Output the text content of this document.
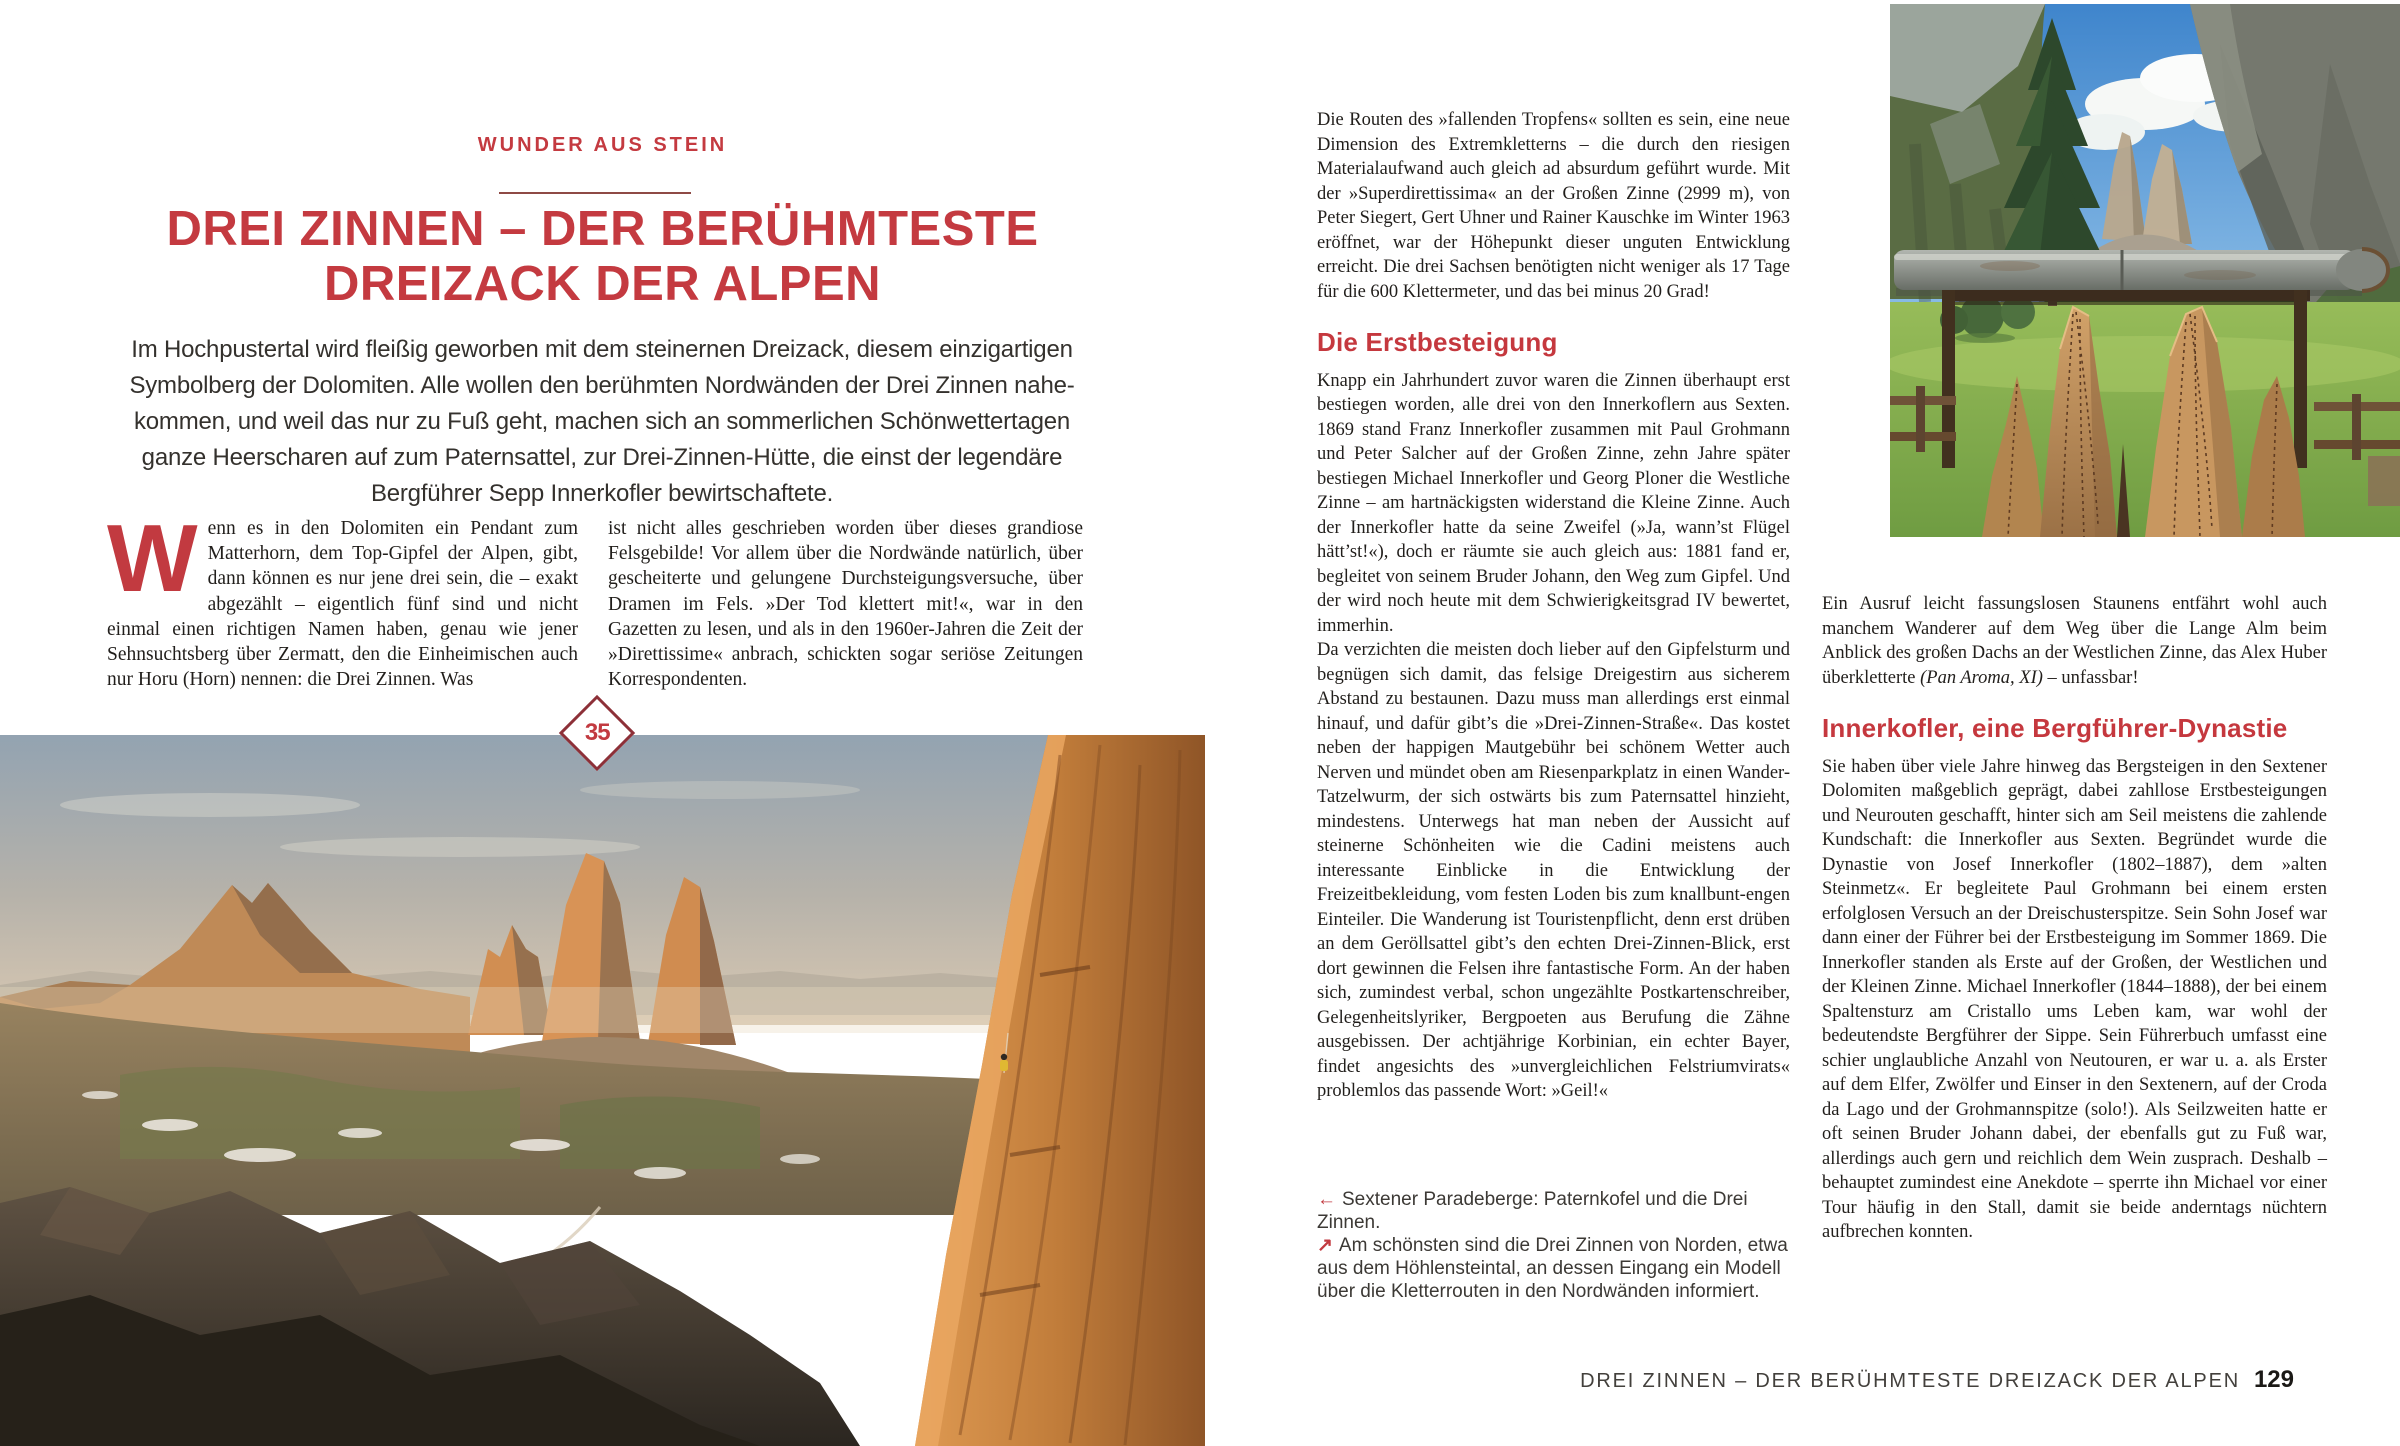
WUNDER AUS STEIN
DREI ZINNEN – DER BERÜHMTESTE
DREIZACK DER ALPEN

Im Hochpustertal wird fleißig geworben mit dem steinernen Dreizack, diesem einzigartigen
Symbolberg der Dolomiten. Alle wollen den berühmten Nordwänden der Drei Zinnen nahe-
kommen, und weil das nur zu Fuß geht, machen sich an sommerlichen Schönwettertagen
ganze Heerscharen auf zum Paternsattel, zur Drei-Zinnen-Hütte, die einst der legendäre
Bergführer Sepp Innerkofler bewirtschaftete.

Wenn es in den Dolomiten ein Pendant zum Matterhorn, dem Top-Gipfel der Alpen, gibt, dann können es nur jene drei sein, die – exakt abgezählt – eigentlich fünf sind und nicht einmal einen richtigen Namen haben, genau wie jener Sehnsuchtsberg über Zermatt, den die Einheimischen auch nur Horu (Horn) nennen: die Drei Zinnen. Was

ist nicht alles geschrieben worden über dieses grandiose Felsgebilde! Vor allem über die Nordwände natürlich, über gescheiterte und gelungene Durchsteigungsversuche, über Dramen im Fels. »Der Tod klettert mit!«, war in den Gazetten zu lesen, und als in den 1960er-Jahren die Zeit der »Direttissime« anbrach, schickten sogar seriöse Zeitungen Korrespondenten.

35

Die Routen des »fallenden Tropfens« sollten es sein, eine neue Dimension des Extremkletterns – die durch den riesigen Materialaufwand auch gleich ad absurdum geführt wurde. Mit der »Superdirettissima« an der Großen Zinne (2999 m), von Peter Siegert, Gert Uhner und Rainer Kauschke im Winter 1963 eröffnet, war der Höhepunkt dieser unguten Entwicklung erreicht. Die drei Sachsen benötigten nicht weniger als 17 Tage für die 600 Klettermeter, und das bei minus 20 Grad!

Die Erstbesteigung

Knapp ein Jahrhundert zuvor waren die Zinnen überhaupt erst bestiegen worden, alle drei von den Innerkoflern aus Sexten. 1869 stand Franz Innerkofler zusammen mit Paul Grohmann und Peter Salcher auf der Großen Zinne, zehn Jahre später bestiegen Michael Innerkofler und Georg Ploner die Westliche Zinne – am hartnäckigsten widerstand die Kleine Zinne. Auch der Innerkofler hatte da seine Zweifel (»Ja, wann’st Flügel hätt’st!«), doch er räumte sie auch gleich aus: 1881 fand er, begleitet von seinem Bruder Johann, den Weg zum Gipfel. Und der wird noch heute mit dem Schwierigkeitsgrad IV bewertet, immerhin.

Da verzichten die meisten doch lieber auf den Gipfelsturm und begnügen sich damit, das felsige Dreigestirn aus sicherem Abstand zu bestaunen. Dazu muss man allerdings erst einmal hinauf, und dafür gibt’s die »Drei-Zinnen-Straße«. Das kostet neben der happigen Mautgebühr bei schönem Wetter auch Nerven und mündet oben am Riesenparkplatz in einen Wander-Tatzelwurm, der sich ostwärts bis zum Paternsattel hinzieht, mindestens. Unterwegs hat man neben der Aussicht auf steinerne Schönheiten wie die Cadini meistens auch interessante Einblicke in die Entwicklung der Freizeitbekleidung, vom festen Loden bis zum knallbunt-engen Einteiler. Die Wanderung ist Touristenpflicht, denn erst drüben an dem Geröllsattel gibt’s den echten Drei-Zinnen-Blick, erst dort gewinnen die Felsen ihre fantastische Form. An der haben sich, zumindest verbal, schon ungezählte Postkartenschreiber, Gelegenheitslyriker, Bergpoeten aus Berufung die Zähne ausgebissen. Der achtjährige Korbinian, ein echter Bayer, findet angesichts des »unvergleichlichen Felstriumvirats« problemlos das passende Wort: »Geil!«

← Sextener Paradeberge: Paternkofel und die Drei Zinnen.

↗ Am schönsten sind die Drei Zinnen von Norden, etwa aus dem Höhlensteintal, an dessen Eingang ein Modell über die Kletterrouten in den Nordwänden informiert.

Ein Ausruf leicht fassungslosen Staunens entfährt wohl auch manchem Wanderer auf dem Weg über die Lange Alm beim Anblick des großen Dachs an der Westlichen Zinne, das Alex Huber überkletterte (Pan Aroma, XI) – unfassbar!

Innerkofler, eine Bergführer-Dynastie

Sie haben über viele Jahre hinweg das Bergsteigen in den Sextener Dolomiten maßgeblich geprägt, dabei zahllose Erstbesteigungen und Neurouten geschafft, hinter sich am Seil meistens die zahlende Kundschaft: die Innerkofler aus Sexten. Begründet wurde die Dynastie von Josef Innerkofler (1802–1887), dem »alten Steinmetz«. Er begleitete Paul Grohmann bei einem ersten erfolglosen Versuch an der Dreischusterspitze. Sein Sohn Josef war dann einer der Führer bei der Erstbesteigung im Sommer 1869. Die Innerkofler standen als Erste auf der Großen, der Westlichen und der Kleinen Zinne. Michael Innerkofler (1844–1888), der bei einem Spaltensturz am Cristallo ums Leben kam, war wohl der bedeutendste Bergführer der Sippe. Sein Führerbuch umfasst eine schier unglaubliche Anzahl von Neutouren, er war u. a. als Erster auf dem Elfer, Zwölfer und Einser in den Sextenern, auf der Croda da Lago und der Grohmannspitze (solo!). Als Seilzweiten hatte er oft seinen Bruder Johann dabei, der ebenfalls gut zu Fuß war, allerdings auch gern und reichlich dem Wein zusprach. Deshalb – behauptet zumindest eine Anekdote – sperrte ihn Michael vor einer Tour häufig in den Stall, damit sie beide anderntags nüchtern aufbrechen konnten.

DREI ZINNEN – DER BERÜHMTESTE DREIZACK DER ALPEN 129
